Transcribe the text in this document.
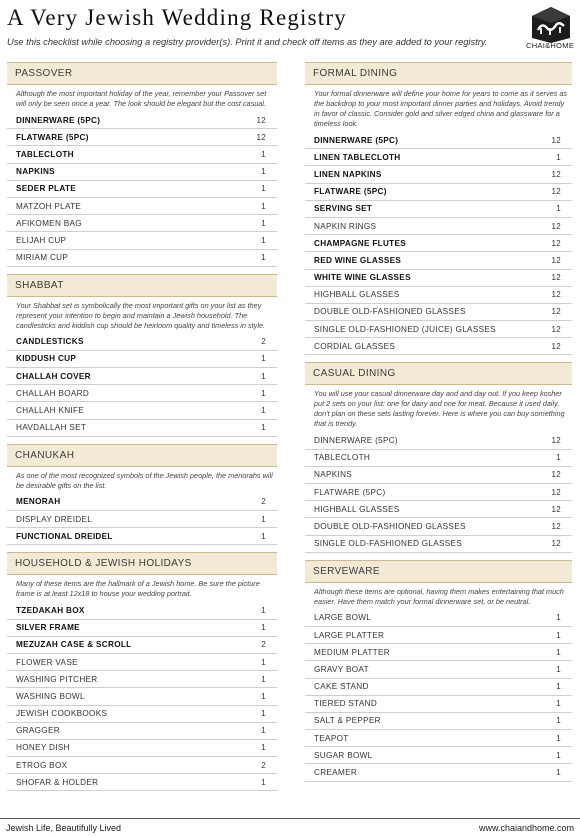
A Very Jewish Wedding Registry
Use this checklist while choosing a registry provider(s). Print it and check off items as they are added to your registry.	CHAI&HOME
PASSOVER
Although the most important holiday of the year, remember your Passover set will only be seen once a year. The look should be elegant but the cost casual.
DINNERWARE (5PC)	12
FLATWARE (5PC)	12
TABLECLOTH	1
NAPKINS	1
SEDER PLATE	1
MATZOH PLATE	1
AFIKOMEN BAG	1
ELIJAH CUP	1
MIRIAM CUP	1
SHABBAT
Your Shabbat set is symbolically the most important gifts on your list as they represent your intention to begin and maintain a Jewish household. The candlesticks and kiddish cup should be heirloom quality and timeless in style.
CANDLESTICKS	2
KIDDUSH CUP	1
CHALLAH COVER	1
CHALLAH BOARD	1
CHALLAH KNIFE	1
HAVDALLAH SET	1
CHANUKAH
As one of the most recognized symbols of the Jewish people, the menorahs will be desirable gifts on the list.
MENORAH	2
DISPLAY DREIDEL	1
FUNCTIONAL DREIDEL	1
HOUSEHOLD & JEWISH HOLIDAYS
Many of these items are the hallmark of a Jewish home. Be sure the picture frame is at least 12x18 to house your wedding portrait.
TZEDAKAH BOX	1
SILVER FRAME	1
MEZUZAH CASE & SCROLL	2
FLOWER VASE	1
WASHING PITCHER	1
WASHING BOWL	1
JEWISH COOKBOOKS	1
GRAGGER	1
HONEY DISH	1
ETROG BOX	2
SHOFAR & HOLDER	1
FORMAL DINING
Your formal dinnerware will define your home for years to come as it serves as the backdrop to your most important dinner parties and holidays. Avoid trendy in favor of classic. Consider gold and silver edged china and glassware for a timeless look.
DINNERWARE (5PC)	12
LINEN TABLECLOTH	1
LINEN NAPKINS	12
FLATWARE (5PC)	12
SERVING SET	1
NAPKIN RINGS	12
CHAMPAGNE FLUTES	12
RED WINE GLASSES	12
WHITE WINE GLASSES	12
HIGHBALL GLASSES	12
DOUBLE OLD-FASHIONED GLASSES	12
SINGLE OLD-FASHIONED (JUICE) GLASSES	12
CORDIAL GLASSES	12
CASUAL DINING
You will use your casual dinnerware day and and day out. If you keep kosher put 2 sets on your list: one for dairy and one for meat. Because it used daily, don't plan on these sets lasting forever. Here is where you can buy something that is trendy.
DINNERWARE (5PC)	12
TABLECLOTH	1
NAPKINS	12
FLATWARE (5PC)	12
HIGHBALL GLASSES	12
DOUBLE OLD-FASHIONED GLASSES	12
SINGLE OLD-FASHIONED GLASSES	12
SERVEWARE
Although these items are optional, having them makes entertaining that much easier. Have them match your formal dinnerware set, or be neutral.
LARGE BOWL	1
LARGE PLATTER	1
MEDIUM PLATTER	1
GRAVY BOAT	1
CAKE STAND	1
TIERED STAND	1
SALT & PEPPER	1
TEAPOT	1
SUGAR BOWL	1
CREAMER	1
Jewish Life, Beautifully Lived	www.chaiandhome.com
